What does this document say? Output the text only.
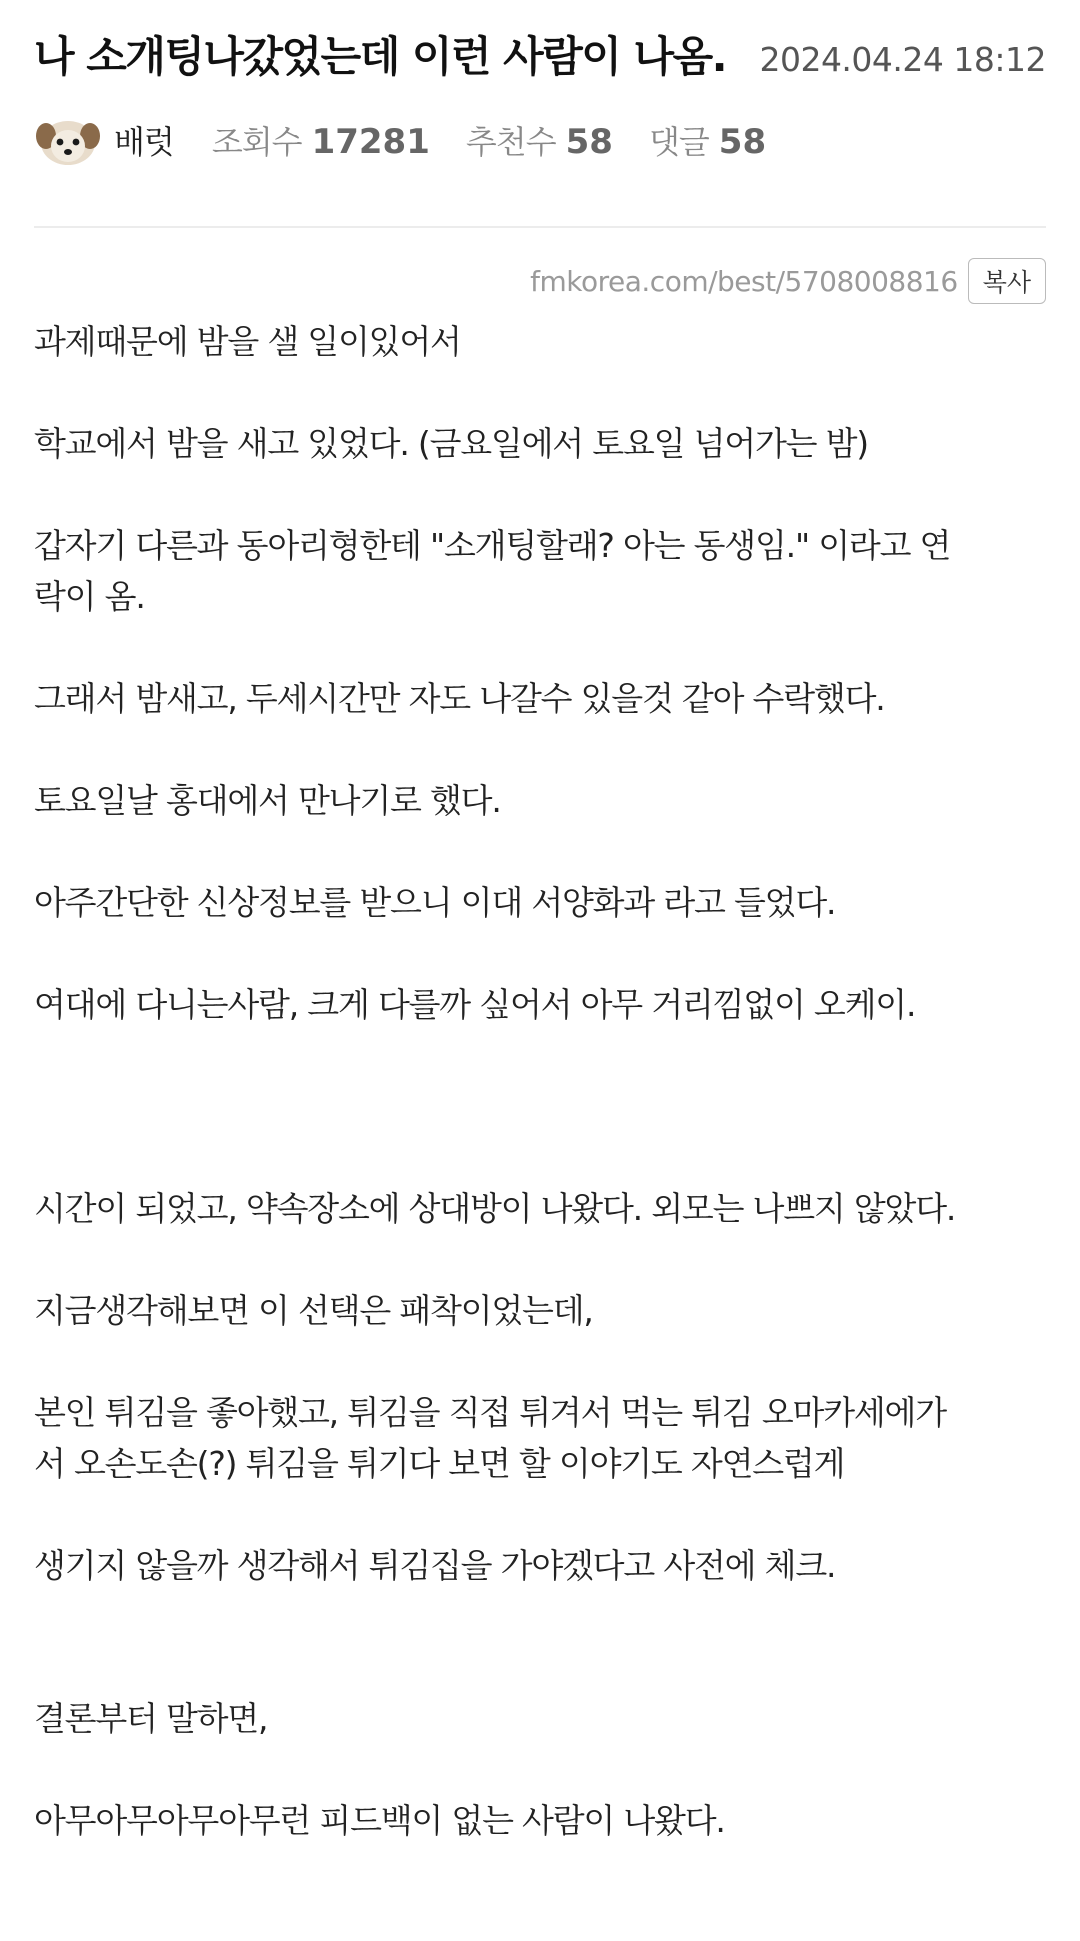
나 소개팅나갔었는데 이런 사람이 나옴. 2024.04.24 18:12
배럿 조회수 17281 추천수 58 댓글 58
fmkorea.com/best/5708008816	복사

과제때문에 밤을 샐 일이있어서

학교에서 밤을 새고 있었다. (금요일에서 토요일 넘어가는 밤)

갑자기 다른과 동아리형한테 "소개팅할래? 아는 동생임." 이라고 연

락이 옴.

그래서 밤새고, 두세시간만 자도 나갈수 있을것 같아 수락했다.

토요일날 홍대에서 만나기로 했다.

아주간단한 신상정보를 받으니 이대 서양화과 라고 들었다.

여대에 다니는사람, 크게 다를까 싶어서 아무 거리낌없이 오케이.

시간이 되었고, 약속장소에 상대방이 나왔다. 외모는 나쁘지 않았다.

지금생각해보면 이 선택은 패착이었는데,

본인 튀김을 좋아했고, 튀김을 직접 튀겨서 먹는 튀김 오마카세에가

서 오손도손(?) 튀김을 튀기다 보면 할 이야기도 자연스럽게

생기지 않을까 생각해서 튀김집을 가야겠다고 사전에 체크.

결론부터 말하면,

아무아무아무아무런 피드백이 없는 사람이 나왔다.
